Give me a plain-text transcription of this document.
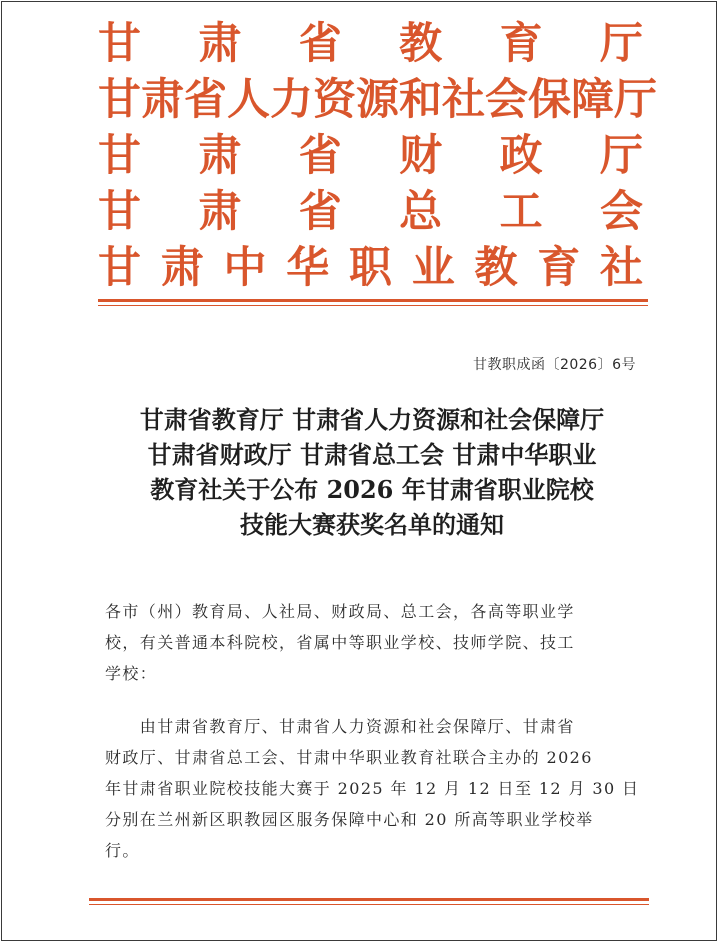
甘 肃 省 教 育 厅
甘 肃 省 人 力 资 源 和 社 会 保 障 厅
甘 肃 省 财 政 厅
甘 肃 省 总 工 会
甘 肃 中 华 职 业 教 育 社
甘教职成函〔2026〕6号
甘肃省教育厅 甘肃省人力资源和社会保障厅
甘肃省财政厅 甘肃省总工会 甘肃中华职业
教育社关于公布 2026 年甘肃省职业院校
技能大赛获奖名单的通知
各市（州）教育局、人社局、财政局、总工会，各高等职业学
校，有关普通本科院校，省属中等职业学校、技师学院、技工
学校：
　　由甘肃省教育厅、甘肃省人力资源和社会保障厅、甘肃省
财政厅、甘肃省总工会、甘肃中华职业教育社联合主办的 2026
年甘肃省职业院校技能大赛于 2025 年 12 月 12 日至 12 月 30 日
分别在兰州新区职教园区服务保障中心和 20 所高等职业学校举
行。
